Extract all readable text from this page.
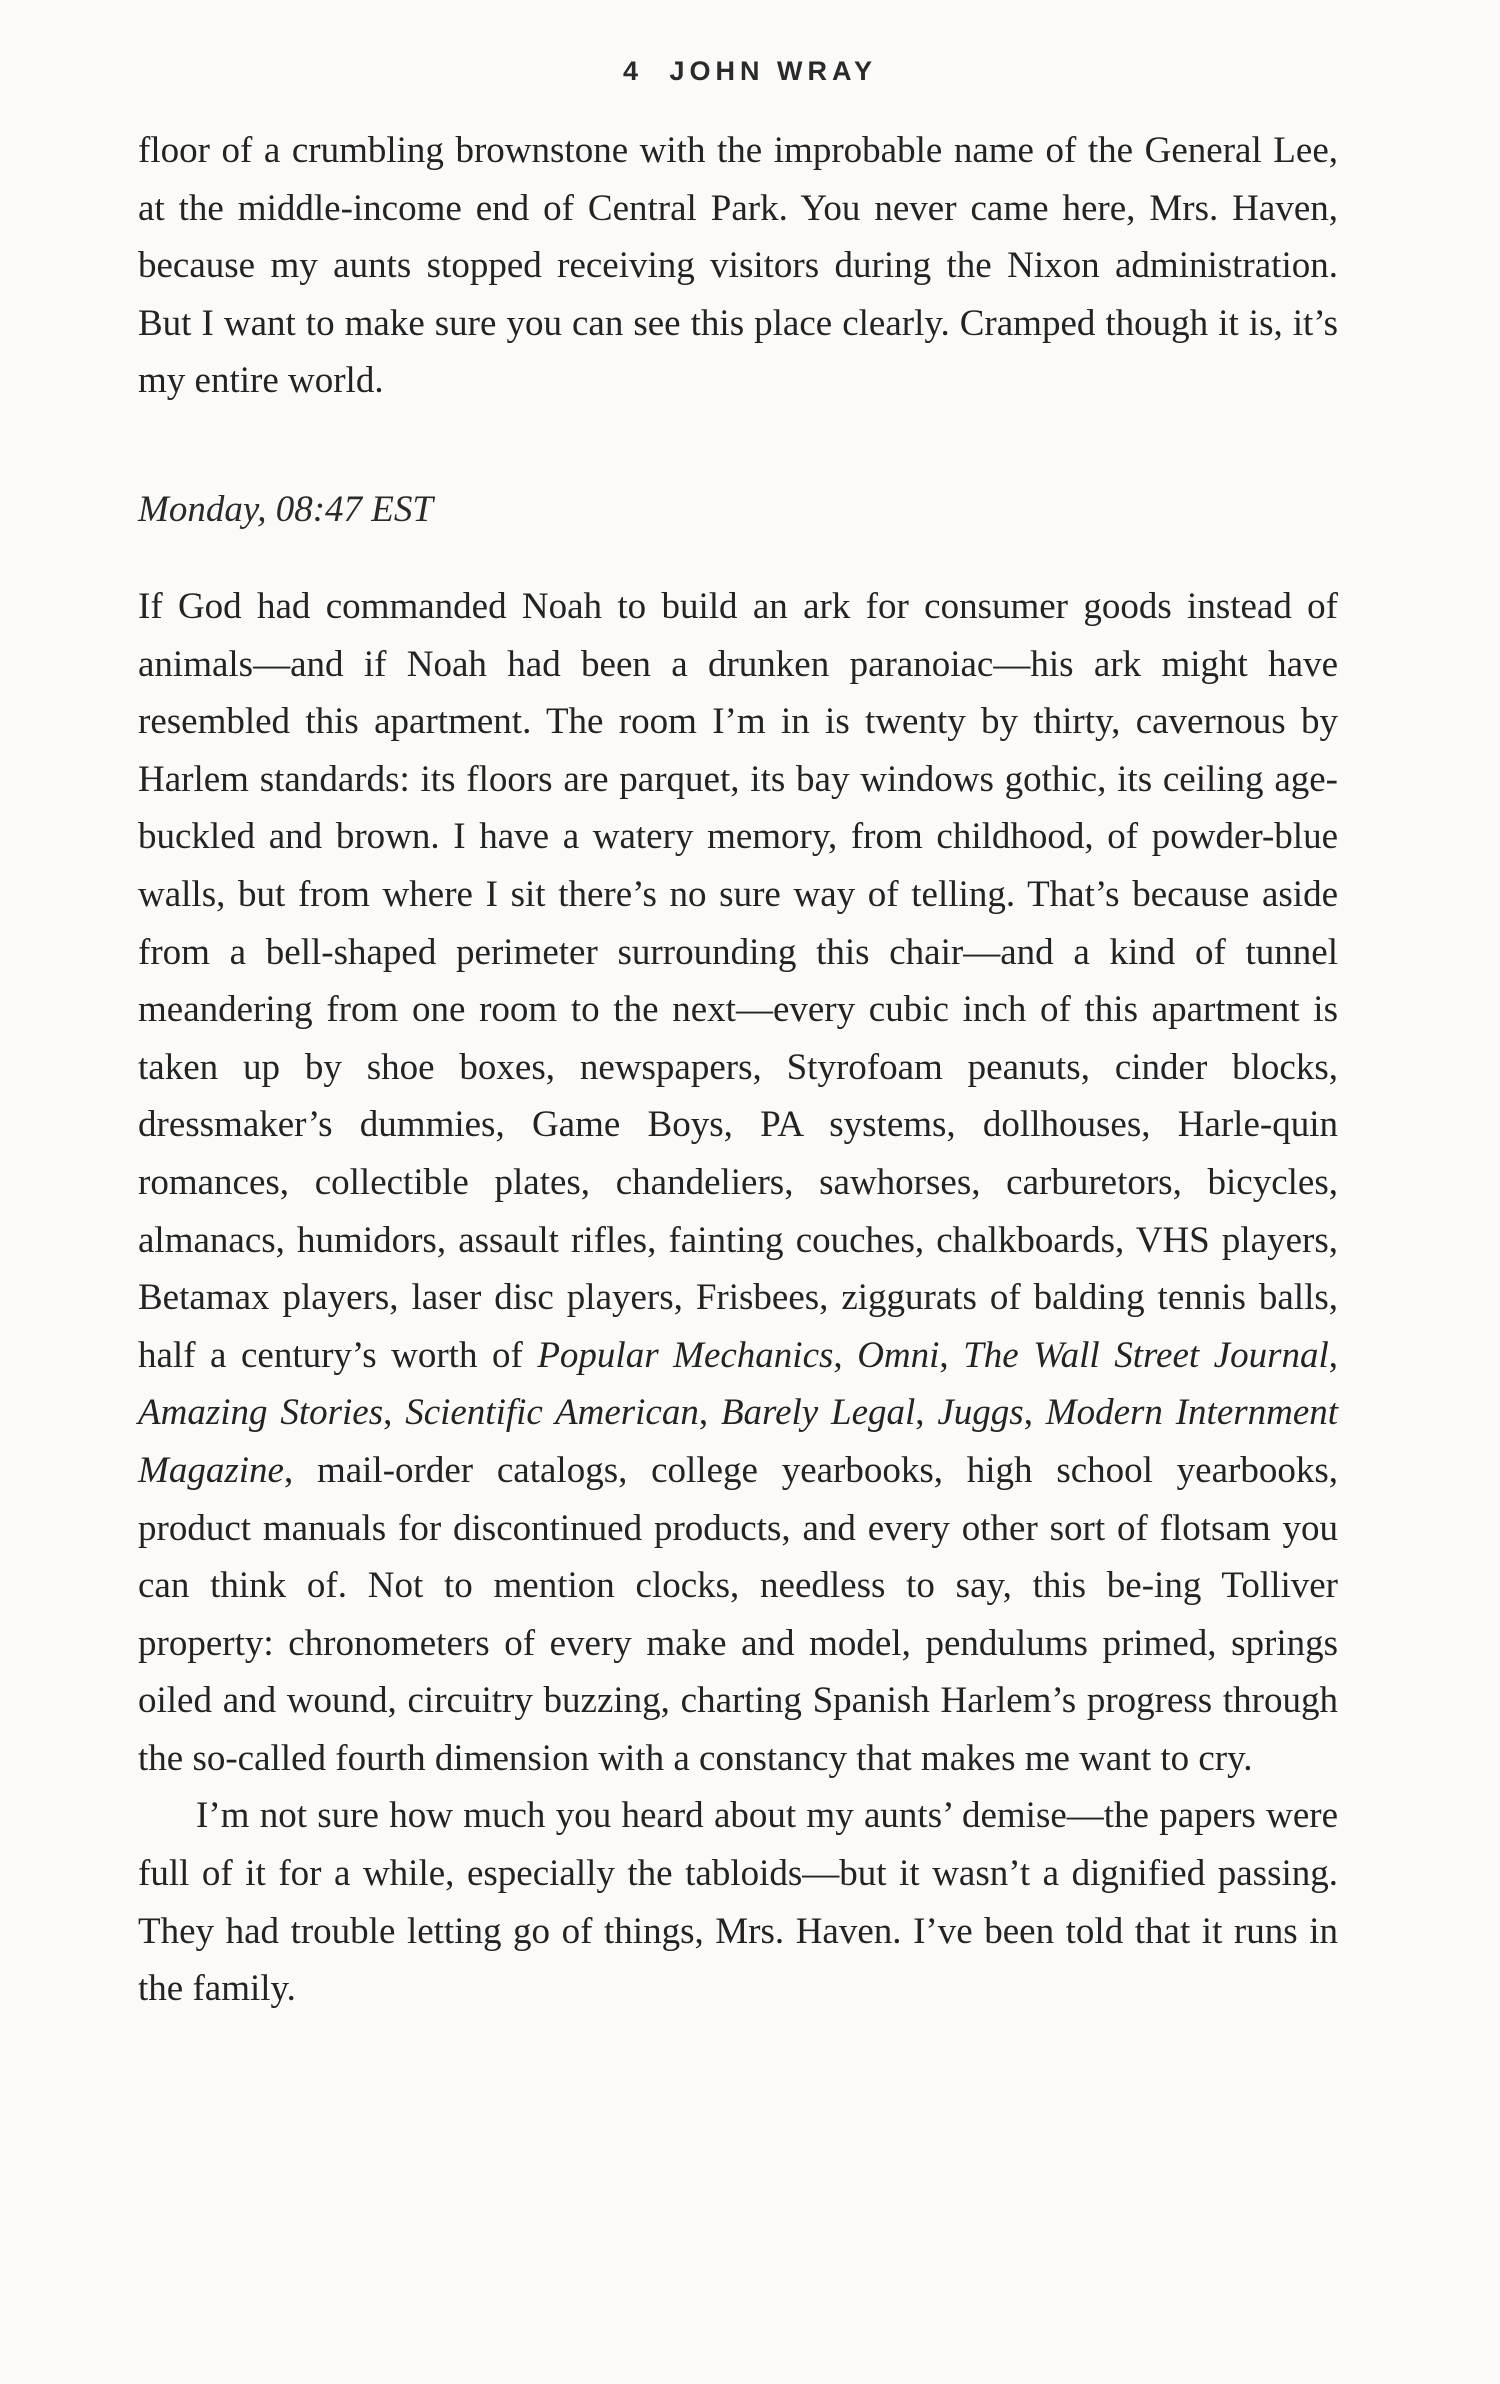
4 JOHN WRAY

floor of a crumbling brownstone with the improbable name of the General Lee, at the middle-income end of Central Park. You never came here, Mrs. Haven, because my aunts stopped receiving visitors during the Nixon administration. But I want to make sure you can see this place clearly. Cramped though it is, it’s my entire world.

Monday, 08:47 EST

If God had commanded Noah to build an ark for consumer goods instead of animals—and if Noah had been a drunken paranoiac—his ark might have resembled this apartment. The room I’m in is twenty by thirty, cavernous by Harlem standards: its floors are parquet, its bay windows gothic, its ceiling age-buckled and brown. I have a watery memory, from childhood, of powder-blue walls, but from where I sit there’s no sure way of telling. That’s because aside from a bell-shaped perimeter surrounding this chair—and a kind of tunnel meandering from one room to the next—every cubic inch of this apartment is taken up by shoe boxes, newspapers, Styrofoam peanuts, cinder blocks, dressmaker’s dummies, Game Boys, PA systems, dollhouses, Harle-quin romances, collectible plates, chandeliers, sawhorses, carburetors, bicycles, almanacs, humidors, assault rifles, fainting couches, chalkboards, VHS players, Betamax players, laser disc players, Frisbees, ziggurats of balding tennis balls, half a century’s worth of Popular Mechanics, Omni, The Wall Street Journal, Amazing Stories, Scientific American, Barely Legal, Juggs, Modern Internment Magazine, mail-order catalogs, college yearbooks, high school yearbooks, product manuals for discontinued products, and every other sort of flotsam you can think of. Not to mention clocks, needless to say, this be-ing Tolliver property: chronometers of every make and model, pendulums primed, springs oiled and wound, circuitry buzzing, charting Spanish Harlem’s progress through the so-called fourth dimension with a constancy that makes me want to cry.

I’m not sure how much you heard about my aunts’ demise—the papers were full of it for a while, especially the tabloids—but it wasn’t a dignified passing. They had trouble letting go of things, Mrs. Haven. I’ve been told that it runs in the family.
